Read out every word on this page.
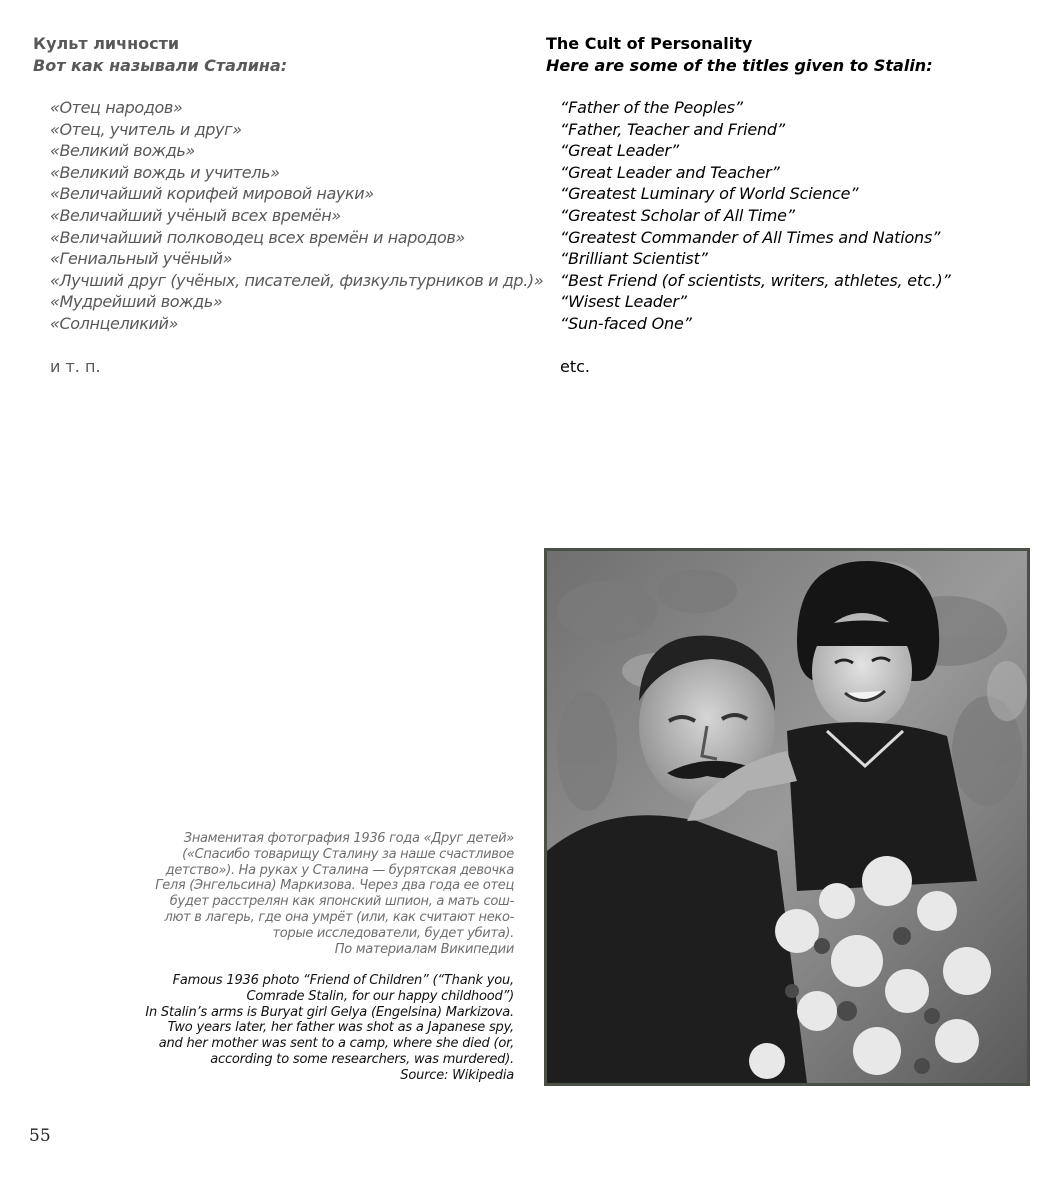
Культ личности

Вот как называли Сталина:

«Отец народов»
«Отец, учитель и друг»
«Великий вождь»
«Великий вождь и учитель»
«Величайший корифей мировой науки»
«Величайший учёный всех времён»
«Величайший полководец всех времён и народов»
«Гениальный учёный»
«Лучший друг (учёных, писателей, физкультурников и др.)»
«Мудрейший вождь»
«Солнцеликий»
и т. п.

The Cult of Personality

Here are some of the titles given to Stalin:

“Father of the Peoples”
“Father, Teacher and Friend”
“Great Leader”
“Great Leader and Teacher”
“Greatest Luminary of World Science”
“Greatest Scholar of All Time”
“Greatest Commander of All Times and Nations”
“Brilliant Scientist”
“Best Friend (of scientists, writers, athletes, etc.)”
“Wisest Leader”
“Sun-faced One”
etc.

Знаменитая фотография 1936 года «Друг детей»

(«Спасибо товарищу Сталину за наше счастливое

детство»). На руках у Сталина — бурятская девочка

Геля (Энгельсина) Маркизова. Через два года ее отец

будет расстрелян как японский шпион, а мать сош-

лют в лагерь, где она умрёт (или, как считают неко-

торые исследователи, будет убита).

По материалам Википедии

Famous 1936 photo “Friend of Children” (“Thank you,

Comrade Stalin, for our happy childhood”)

In Stalin’s arms is Buryat girl Gelya (Engelsina) Markizova.

Two years later, her father was shot as a Japanese spy,

and her mother was sent to a camp, where she died (or,

according to some researchers, was murdered).

Source: Wikipedia

55
